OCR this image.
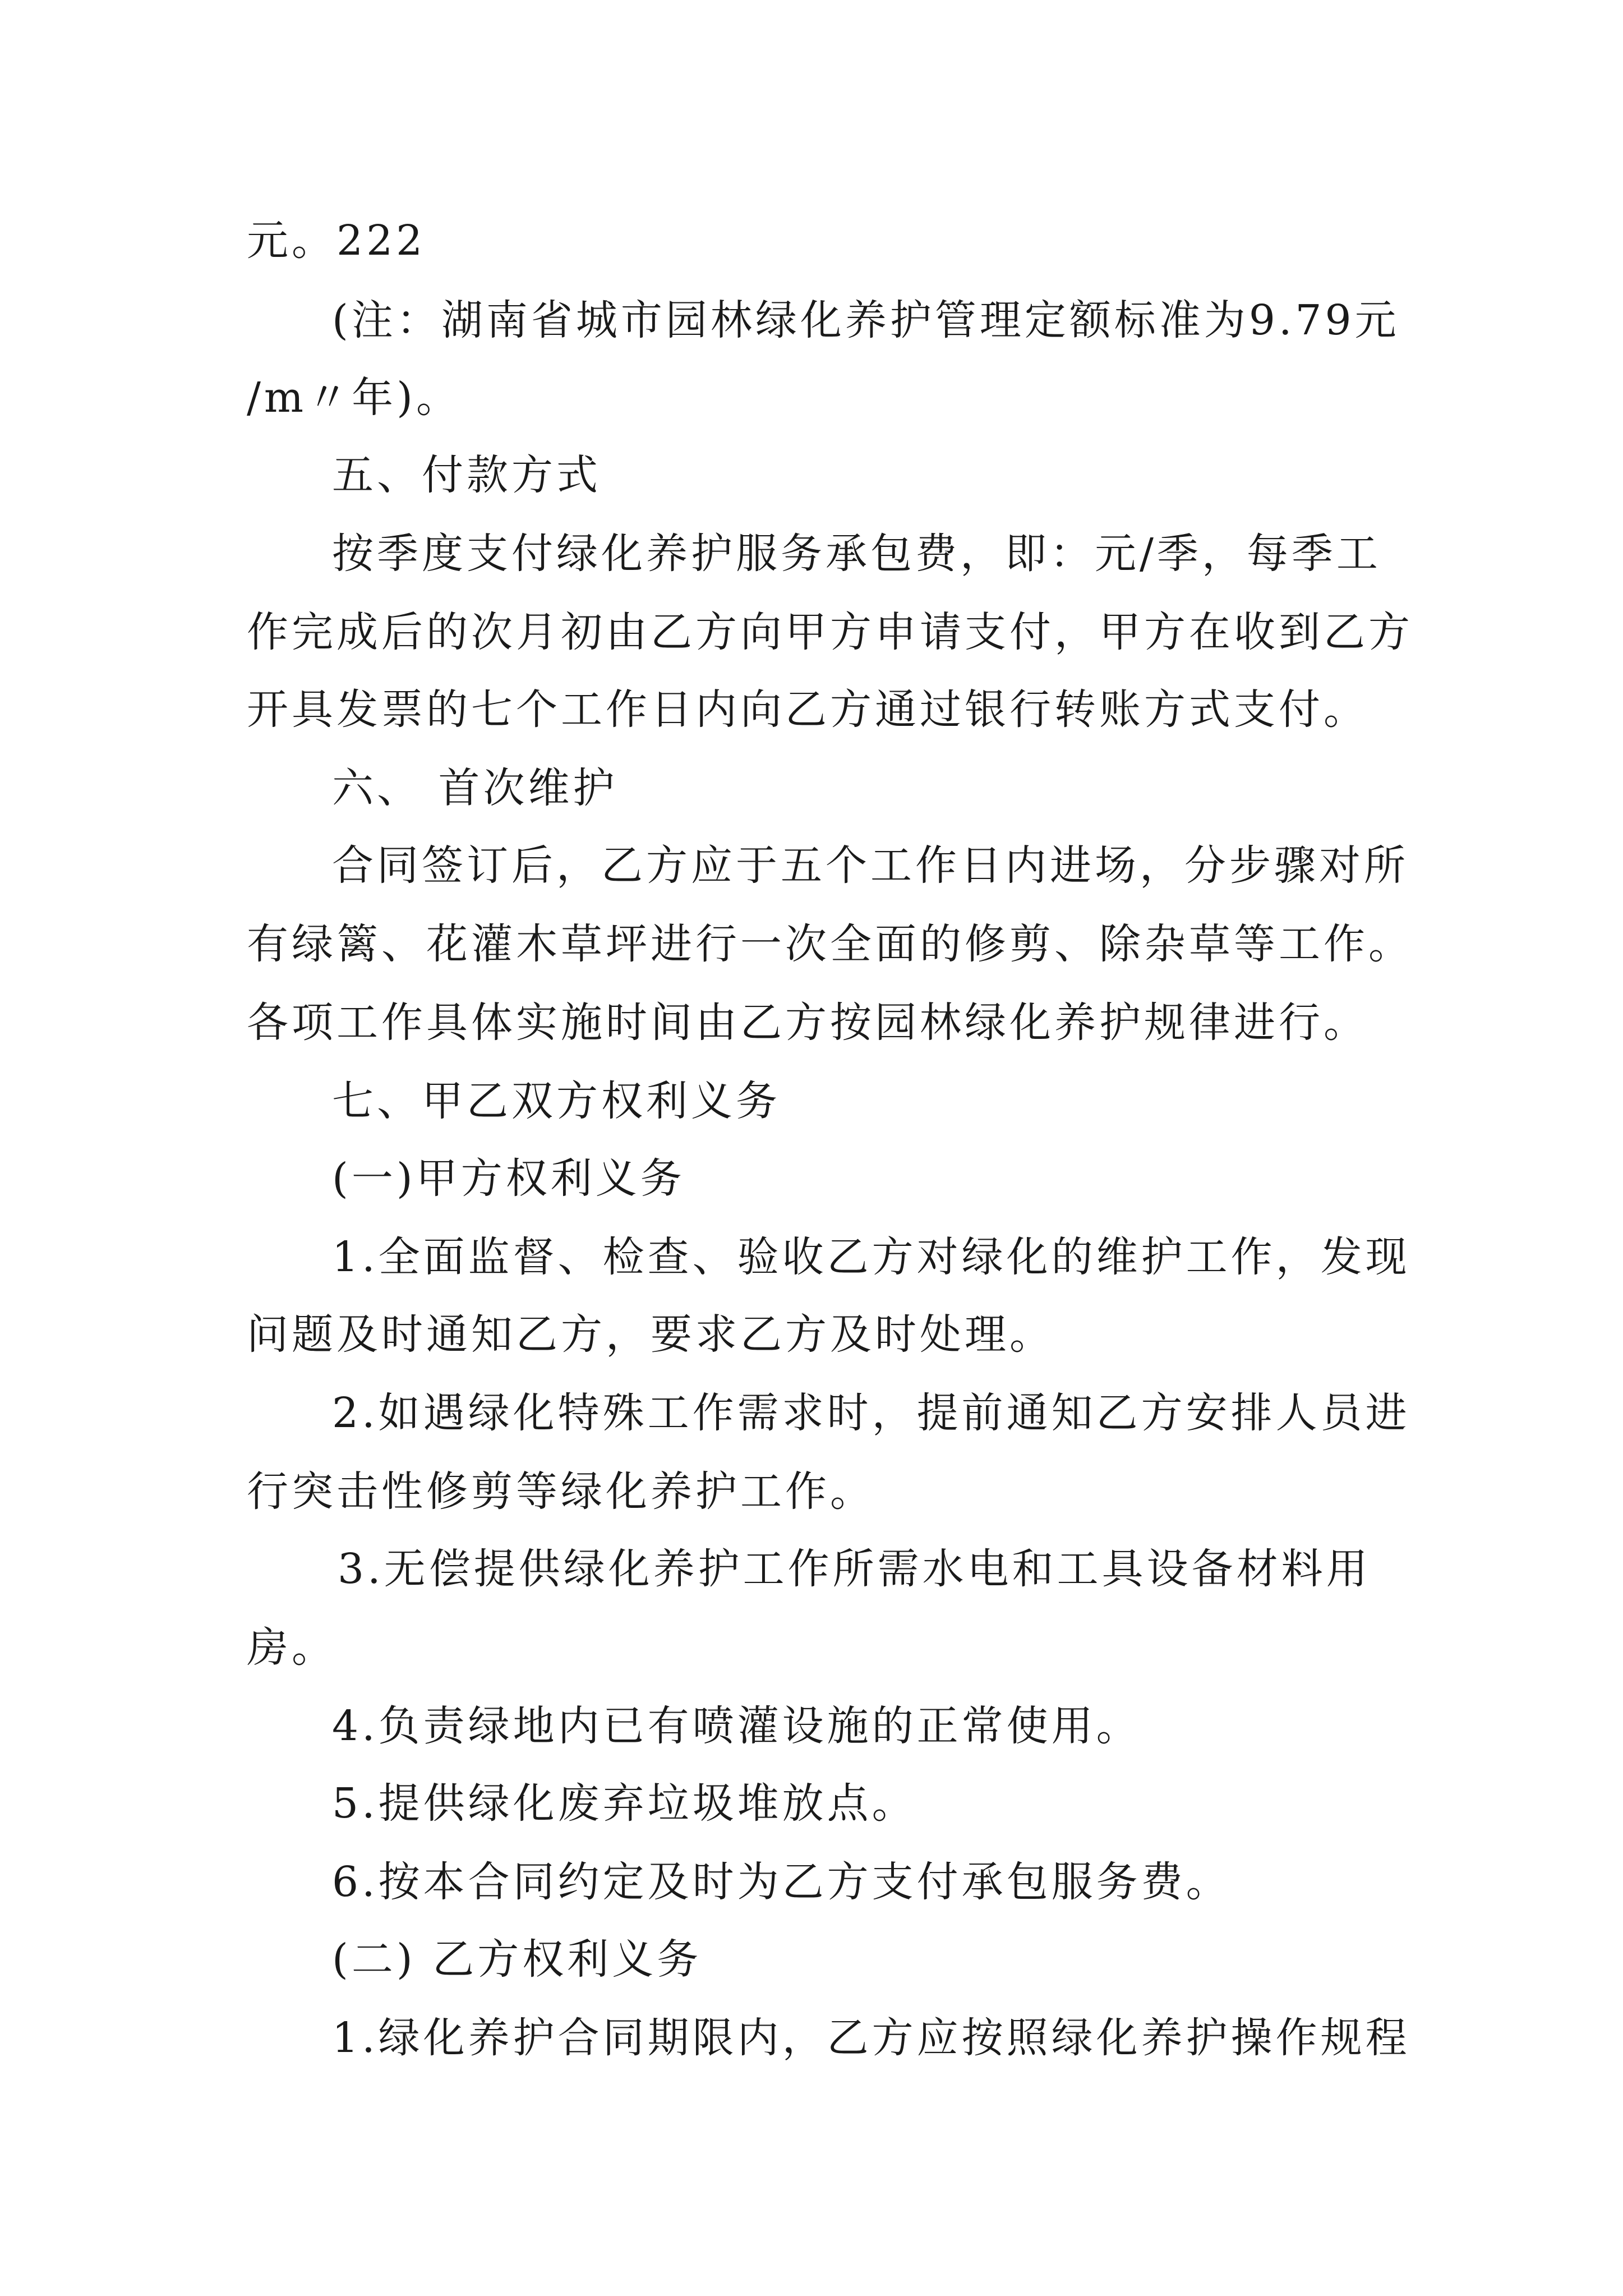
元。222
(注：湖南省城市园林绿化养护管理定额标准为9.79元
/m〃年)。
五、付款方式
按季度支付绿化养护服务承包费，即：元/季，每季工
作完成后的次月初由乙方向甲方申请支付，甲方在收到乙方
开具发票的七个工作日内向乙方通过银行转账方式支付。
六、 首次维护
合同签订后，乙方应于五个工作日内进场，分步骤对所
有绿篱、花灌木草坪进行一次全面的修剪、除杂草等工作。
各项工作具体实施时间由乙方按园林绿化养护规律进行。
七、甲乙双方权利义务
(一)甲方权利义务
1.全面监督、检查、验收乙方对绿化的维护工作，发现
问题及时通知乙方，要求乙方及时处理。
2.如遇绿化特殊工作需求时，提前通知乙方安排人员进
行突击性修剪等绿化养护工作。
3.无偿提供绿化养护工作所需水电和工具设备材料用
房。
4.负责绿地内已有喷灌设施的正常使用。
5.提供绿化废弃垃圾堆放点。
6.按本合同约定及时为乙方支付承包服务费。
(二) 乙方权利义务
1.绿化养护合同期限内，乙方应按照绿化养护操作规程
